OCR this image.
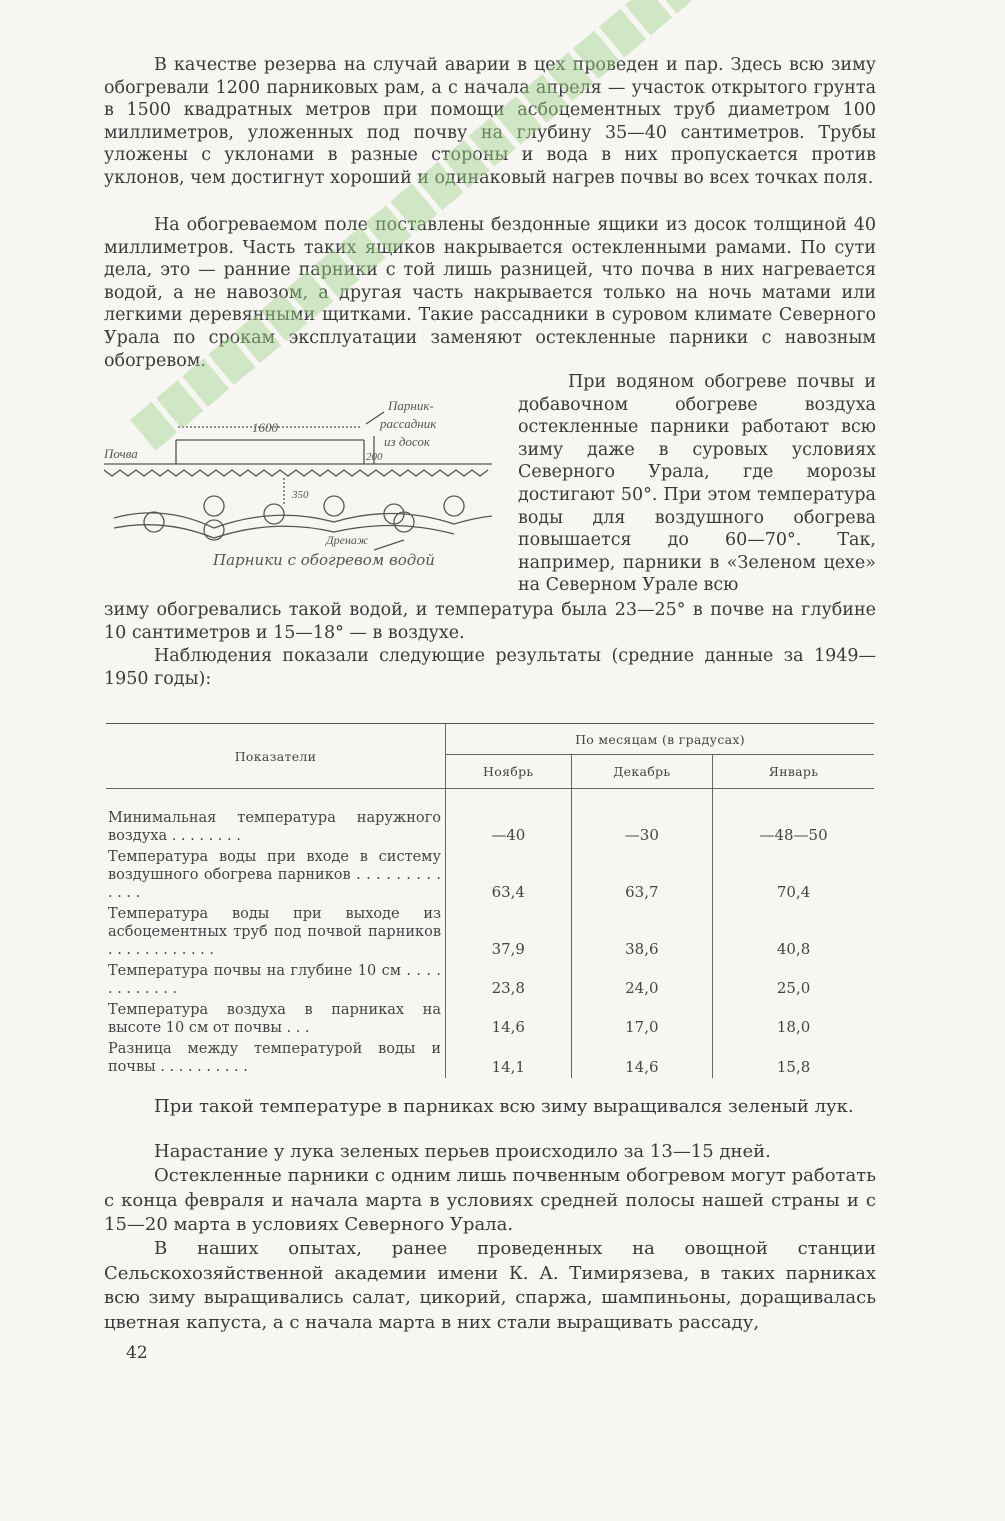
В качестве резерва на случай аварии в цех проведен и пар. Здесь всю зиму обогревали 1200 парниковых рам, а с начала апреля — участок открытого грунта в 1500 квадратных метров при помощи асбоцементных труб диаметром 100 миллиметров, уложенных под почву на глубину 35—40 сантиметров. Трубы уложены с уклонами в разные стороны и вода в них пропускается против уклонов, чем достигнут хороший и одинаковый нагрев почвы во всех точках поля.

На обогреваемом поле поставлены бездонные ящики из досок толщиной 40 миллиметров. Часть таких ящиков накрывается остекленными рамами. По сути дела, это — ранние парники с той лишь разницей, что почва в них нагревается водой, а не навозом, а другая часть накрывается только на ночь матами или легкими деревянными щитками. Такие рассадники в суровом климате Северного Урала по срокам эксплуатации заменяют остекленные парники с навозным обогревом.

Почва
1600
200
350
Парник-
рассадник
из досок
Дренаж
Парники с обогревом водой

При водяном обогреве почвы и добавочном обогреве воздуха остекленные парники работают всю зиму даже в суровых условиях Северного Урала, где морозы достигают 50°. При этом температура воды для воздушного обогрева повышается до 60—70°. Так, например, парники в «Зеленом цехе» на Северном Урале всю

зиму обогревались такой водой, и температура была 23—25° в почве на глубине 10 сантиметров и 15—18° — в воздухе.

Наблюдения показали следующие результаты (средние данные за 1949—1950 годы):

Показатели	По месяцам (в градусах)		
	Ноябрь	Декабрь	Январь
Минимальная температура наружного воздуха . . . . . . . .	—40	—30	—48—50
Температура воды при входе в систему воздушного обогрева парников . . . . . . . . . . . . .	63,4	63,7	70,4
Температура воды при выходе из асбоцементных труб под почвой парников . . . . . . . . . . . .	37,9	38,6	40,8
Температура почвы на глубине 10 см . . . . . . . . . . . .	23,8	24,0	25,0
Температура воздуха в парниках на высоте 10 см от почвы . . .	14,6	17,0	18,0
Разница между температурой воды и почвы . . . . . . . . . .	14,1	14,6	15,8

При такой температуре в парниках всю зиму выращивался зеленый лук.

Нарастание у лука зеленых перьев происходило за 13—15 дней.

Остекленные парники с одним лишь почвенным обогревом могут работать с конца февраля и начала марта в условиях средней полосы нашей страны и с 15—20 марта в условиях Северного Урала.

В наших опытах, ранее проведенных на овощной станции Сельскохозяйственной академии имени К. А. Тимирязева, в таких парниках всю зиму выращивались салат, цикорий, спаржа, шампиньоны, доращивалась цветная капуста, а с начала марта в них стали выращивать рассаду,

42
